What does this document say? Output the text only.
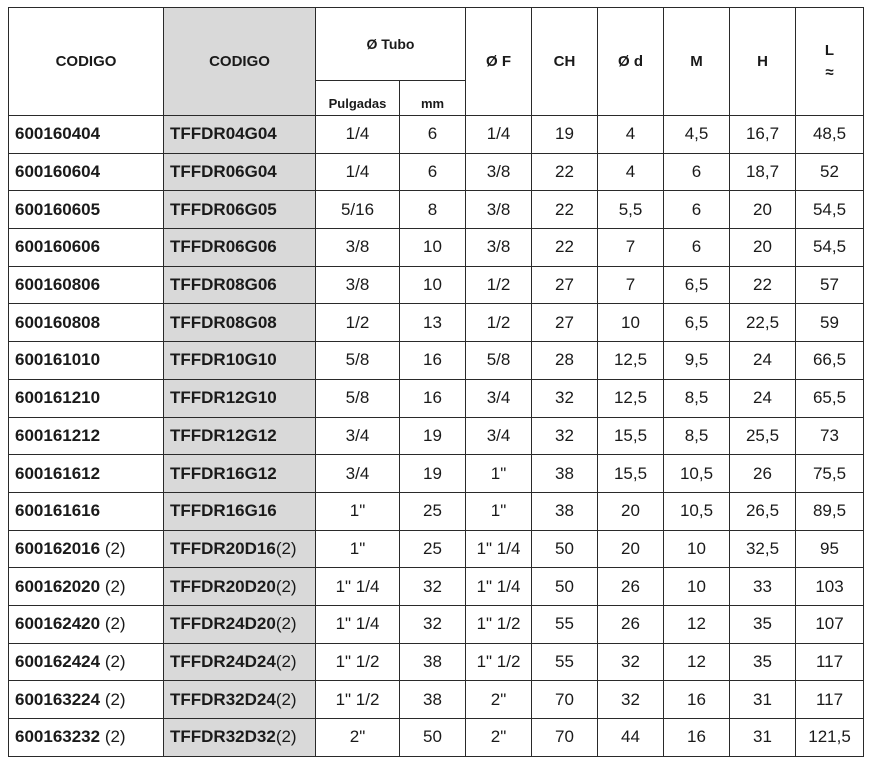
CODIGO	CODIGO	Ø Tubo		Ø F	CH	Ø d	M	H	L
≈
		Pulgadas	mm						
600160404	TFFDR04G04	1/4	6	1/4	19	4	4,5	16,7	48,5
600160604	TFFDR06G04	1/4	6	3/8	22	4	6	18,7	52
600160605	TFFDR06G05	5/16	8	3/8	22	5,5	6	20	54,5
600160606	TFFDR06G06	3/8	10	3/8	22	7	6	20	54,5
600160806	TFFDR08G06	3/8	10	1/2	27	7	6,5	22	57
600160808	TFFDR08G08	1/2	13	1/2	27	10	6,5	22,5	59
600161010	TFFDR10G10	5/8	16	5/8	28	12,5	9,5	24	66,5
600161210	TFFDR12G10	5/8	16	3/4	32	12,5	8,5	24	65,5
600161212	TFFDR12G12	3/4	19	3/4	32	15,5	8,5	25,5	73
600161612	TFFDR16G12	3/4	19	1"	38	15,5	10,5	26	75,5
600161616	TFFDR16G16	1"	25	1"	38	20	10,5	26,5	89,5
600162016 (2)	TFFDR20D16(2)	1"	25	1" 1/4	50	20	10	32,5	95
600162020 (2)	TFFDR20D20(2)	1" 1/4	32	1" 1/4	50	26	10	33	103
600162420 (2)	TFFDR24D20(2)	1" 1/4	32	1" 1/2	55	26	12	35	107
600162424 (2)	TFFDR24D24(2)	1" 1/2	38	1" 1/2	55	32	12	35	117
600163224 (2)	TFFDR32D24(2)	1" 1/2	38	2"	70	32	16	31	117
600163232 (2)	TFFDR32D32(2)	2"	50	2"	70	44	16	31	121,5
